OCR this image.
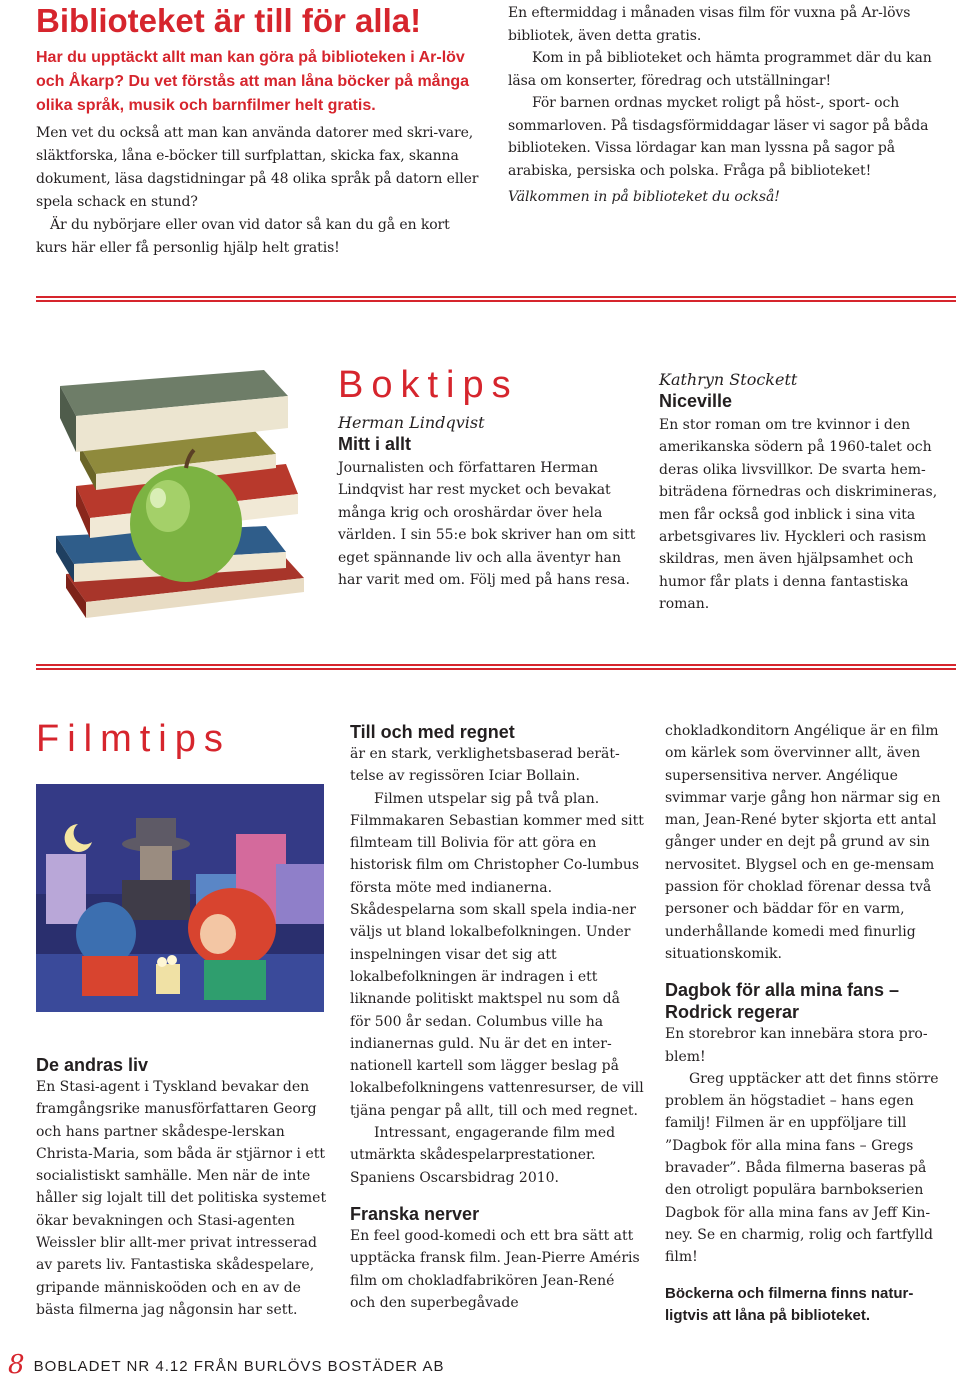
Biblioteket är till för alla!

Har du upptäckt allt man kan göra på biblioteken i Ar-löv och Åkarp? Du vet förstås att man låna böcker på många olika språk, musik och barnfilmer helt gratis.

Men vet du också att man kan använda datorer med skri-vare, släktforska, låna e-böcker till surfplattan, skicka fax, skanna dokument, läsa dagstidningar på 48 olika språk på datorn eller spela schack en stund?

Är du nybörjare eller ovan vid dator så kan du gå en kort kurs här eller få personlig hjälp helt gratis!

En eftermiddag i månaden visas film för vuxna på Ar-lövs bibliotek, även detta gratis.

Kom in på biblioteket och hämta programmet där du kan läsa om konserter, föredrag och utställningar!

För barnen ordnas mycket roligt på höst-, sport- och sommarloven. På tisdagsförmiddagar läser vi sagor på båda biblioteken. Vissa lördagar kan man lyssna på sagor på arabiska, persiska och polska. Fråga på biblioteket!

Välkommen in på biblioteket du också!

Boktips
Herman Lindqvist
Mitt i allt

Journalisten och författaren Herman Lindqvist har rest mycket och bevakat många krig och oroshärdar över hela världen. I sin 55:e bok skriver han om sitt eget spännande liv och alla äventyr han har varit med om. Följ med på hans resa.

Kathryn Stockett
Niceville

En stor roman om tre kvinnor i den amerikanska södern på 1960-talet och deras olika livsvillkor. De svarta hem-biträdena förnedras och diskrimineras, men får också god inblick i sina vita arbetsgivares liv. Hyckleri och rasism skildras, men även hjälpsamhet och humor får plats i denna fantastiska roman.

Filmtips
De andras liv

En Stasi-agent i Tyskland bevakar den framgångsrike manusförfattaren Georg och hans partner skådespe-lerskan Christa-Maria, som båda är stjärnor i ett socialistiskt samhälle. Men när de inte håller sig lojalt till det politiska systemet ökar bevakningen och Stasi-agenten Weissler blir allt-mer privat intresserad av parets liv. Fantastiska skådespelare, gripande människoöden och en av de bästa filmerna jag någonsin har sett.

Till och med regnet

är en stark, verklighetsbaserad berät-telse av regissören Iciar Bollain.

Filmen utspelar sig på två plan. Filmmakaren Sebastian kommer med sitt filmteam till Bolivia för att göra en historisk film om Christopher Co-lumbus första möte med indianerna. Skådespelarna som skall spela india-ner väljs ut bland lokalbefolkningen. Under inspelningen visar det sig att lokalbefolkningen är indragen i ett liknande politiskt maktspel nu som då för 500 år sedan. Columbus ville ha indianernas guld. Nu är det en inter-nationell kartell som lägger beslag på lokalbefolkningens vattenresurser, de vill tjäna pengar på allt, till och med regnet.

Intressant, engagerande film med utmärkta skådespelarprestationer. Spaniens Oscarsbidrag 2010.

Franska nerver

En feel good-komedi och ett bra sätt att upptäcka fransk film. Jean-Pierre Améris film om chokladfabrikören Jean-René och den superbegåvade

chokladkonditorn Angélique är en film om kärlek som övervinner allt, även supersensitiva nerver. Angélique svimmar varje gång hon närmar sig en man, Jean-René byter skjorta ett antal gånger under en dejt på grund av sin nervositet. Blygsel och en ge-mensam passion för choklad förenar dessa två personer och bäddar för en varm, underhållande komedi med finurlig situationskomik.

Dagbok för alla mina fans – Rodrick regerar

En storebror kan innebära stora pro-blem!

Greg upptäcker att det finns större problem än högstadiet – hans egen familj! Filmen är en uppföljare till ”Dagbok för alla mina fans – Gregs bravader”. Båda filmerna baseras på den otroligt populära barnbokserien Dagbok för alla mina fans av Jeff Kin-ney. Se en charmig, rolig och fartfylld film!

Böckerna och filmerna finns natur-ligtvis att låna på biblioteket.

8 BOBLADET NR 4.12 FRÅN BURLÖVS BOSTÄDER AB
